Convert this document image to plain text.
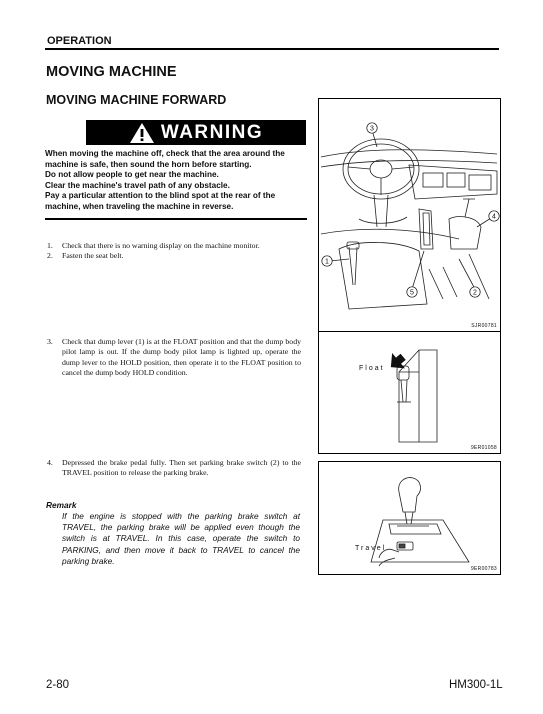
OPERATION
MOVING MACHINE
MOVING MACHINE FORWARD
WARNING
When moving the machine off, check that the area around the machine is safe, then sound the horn before starting.
Do not allow people to get near the machine.
Clear the machine's travel path of any obstacle.
Pay a particular attention to the blind spot at the rear of the machine, when traveling the machine in reverse.
1. Check that there is no warning display on the machine monitor.
2. Fasten the seat belt.
3. Check that dump lever (1) is at the FLOAT position and that the dump body pilot lamp is out. If the dump body pilot lamp is lighted up, operate the dump lever to the HOLD position, then operate it to the FLOAT position to cancel the dump body HOLD condition.
4. Depressed the brake pedal fully. Then set parking brake switch (2) to the TRAVEL position to release the parking brake.
Remark
If the engine is stopped with the parking brake switch at TRAVEL, the parking brake will be applied even though the switch is at TRAVEL. In this case, operate the switch to PARKING, and then move it back to TRAVEL to cancel the parking brake.
3
1
4
5	2
SJR00781
Float
9ER01058
Travel
9ER00783
2-80	HM300-1L
